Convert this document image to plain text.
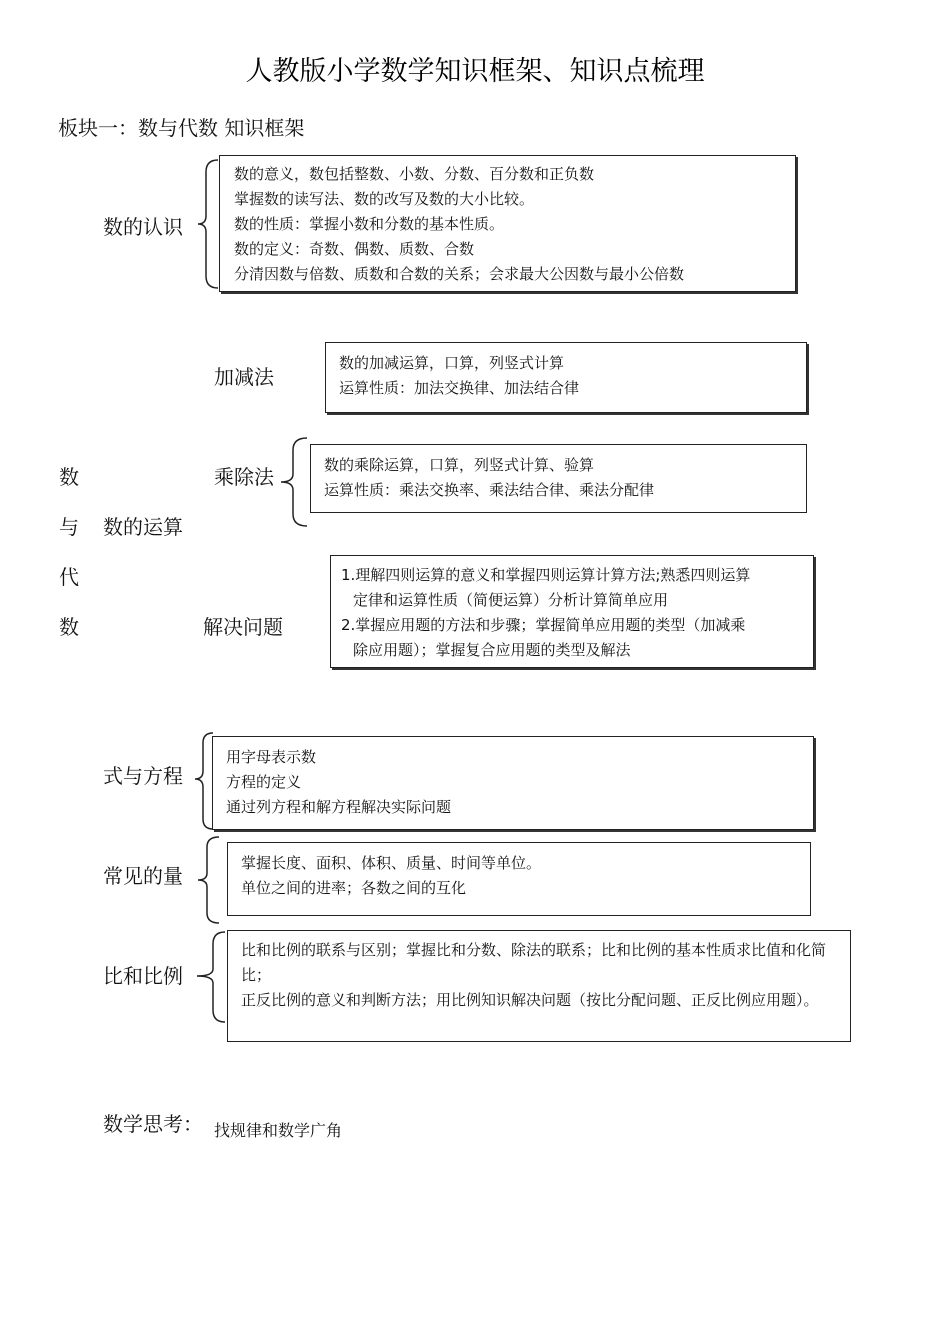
人教版小学数学知识框架、知识点梳理
板块一：数与代数 知识框架
数的认识
数的意义，数包括整数、小数、分数、百分数和正负数
掌握数的读写法、数的改写及数的大小比较。
数的性质：掌握小数和分数的基本性质。
数的定义：奇数、偶数、质数、合数
分清因数与倍数、质数和合数的关系；会求最大公因数与最小公倍数
加减法
数的加减运算，口算，列竖式计算
运算性质：加法交换律、加法结合律
乘除法	数的乘除运算，口算，列竖式计算、验算
运算性质：乘法交换率、乘法结合律、乘法分配律
数
与
代
数
数的运算
解决问题
1.理解四则运算的意义和掌握四则运算计算方法;熟悉四则运算
定律和运算性质（简便运算）分析计算简单应用
2.掌握应用题的方法和步骤；掌握简单应用题的类型（加减乘
除应用题）；掌握复合应用题的类型及解法
式与方程
用字母表示数
方程的定义
通过列方程和解方程解决实际问题
常见的量
掌握长度、面积、体积、质量、时间等单位。
单位之间的进率；各数之间的互化
比和比例
比和比例的联系与区别；掌握比和分数、除法的联系；比和比例的基本性质求比值和化简比；
正反比例的意义和判断方法；用比例知识解决问题（按比分配问题、正反比例应用题）。
数学思考： 找规律和数学广角
